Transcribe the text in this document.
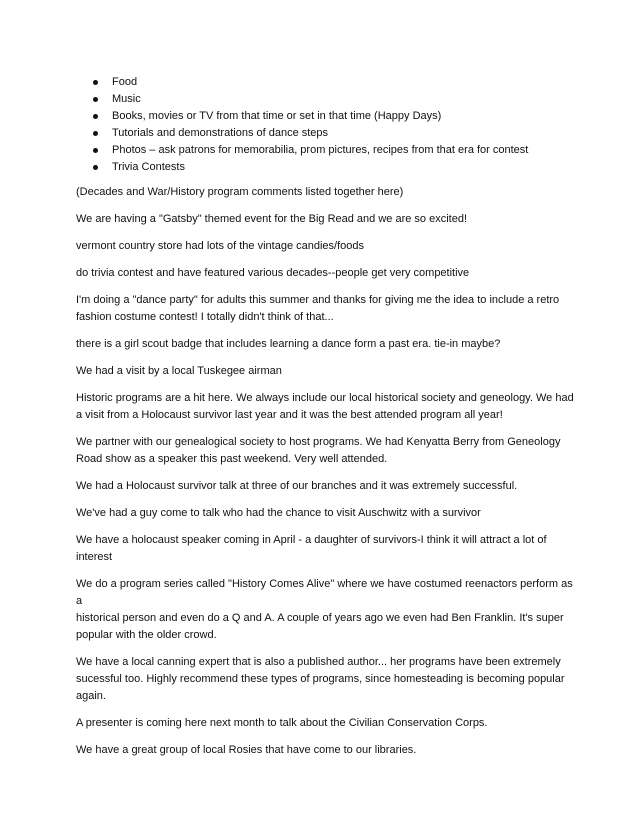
Food
Music
Books, movies or TV from that time or set in that time (Happy Days)
Tutorials and demonstrations of dance steps
Photos – ask patrons for memorabilia, prom pictures, recipes from that era for contest
Trivia Contests

(Decades and War/History program comments listed together here)

We are having a "Gatsby" themed event for the Big Read and we are so excited!

vermont country store had lots of the vintage candies/foods

do trivia contest and have featured various decades--people get very competitive

I'm doing a "dance party" for adults this summer and thanks for giving me the idea to include a retro
fashion costume contest! I totally didn't think of that...

there is a girl scout badge that includes learning a dance form a past era. tie-in maybe?

We had a visit by a local Tuskegee airman

Historic programs are a hit here. We always include our local historical society and geneology. We had
a visit from a Holocaust survivor last year and it was the best attended program all year!

We partner with our genealogical society to host programs. We had Kenyatta Berry from Geneology
Road show as a speaker this past weekend. Very well attended.

We had a Holocaust survivor talk at three of our branches and it was extremely successful.

We've had a guy come to talk who had the chance to visit Auschwitz with a survivor

We have a holocaust speaker coming in April - a daughter of survivors-I think it will attract a lot of
interest

We do a program series called "History Comes Alive" where we have costumed reenactors perform as a
historical person and even do a Q and A. A couple of years ago we even had Ben Franklin. It's super
popular with the older crowd.

We have a local canning expert that is also a published author... her programs have been extremely
sucessful too. Highly recommend these types of programs, since homesteading is becoming popular
again.

A presenter is coming here next month to talk about the Civilian Conservation Corps.

We have a great group of local Rosies that have come to our libraries.
